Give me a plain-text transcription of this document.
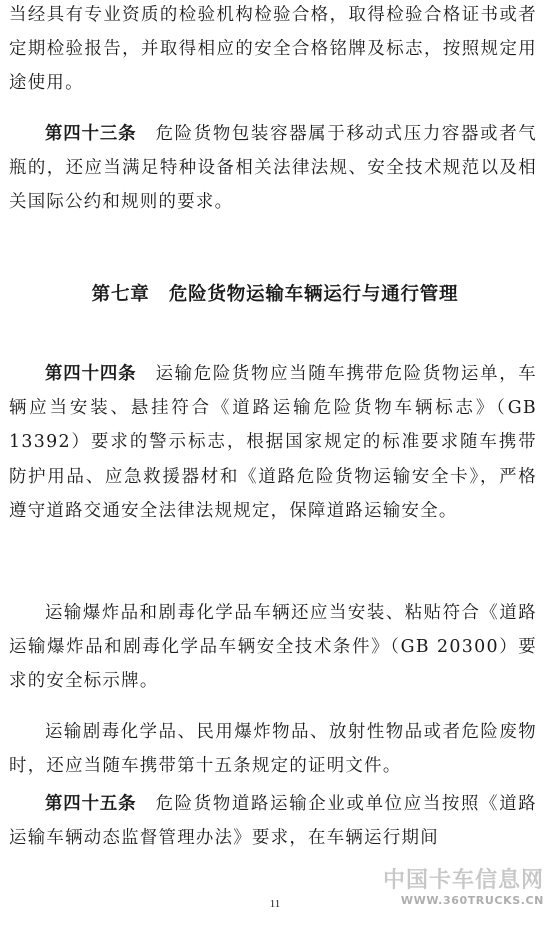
当经具有专业资质的检验机构检验合格，取得检验合格证书或者定期检验报告，并取得相应的安全合格铭牌及标志，按照规定用途使用。

第四十三条  危险货物包装容器属于移动式压力容器或者气瓶的，还应当满足特种设备相关法律法规、安全技术规范以及相关国际公约和规则的要求。

第七章　危险货物运输车辆运行与通行管理

第四十四条  运输危险货物应当随车携带危险货物运单，车辆应当安装、悬挂符合《道路运输危险货物车辆标志》（GB 13392）要求的警示标志，根据国家规定的标准要求随车携带防护用品、应急救援器材和《道路危险货物运输安全卡》，严格遵守道路交通安全法律法规规定，保障道路运输安全。

运输爆炸品和剧毒化学品车辆还应当安装、粘贴符合《道路运输爆炸品和剧毒化学品车辆安全技术条件》（GB 20300）要求的安全标示牌。

运输剧毒化学品、民用爆炸物品、放射性物品或者危险废物时，还应当随车携带第十五条规定的证明文件。

第四十五条  危险货物道路运输企业或单位应当按照《道路运输车辆动态监督管理办法》要求，在车辆运行期间

11
中国卡车信息网
WWW.360TRUCKS.CN
